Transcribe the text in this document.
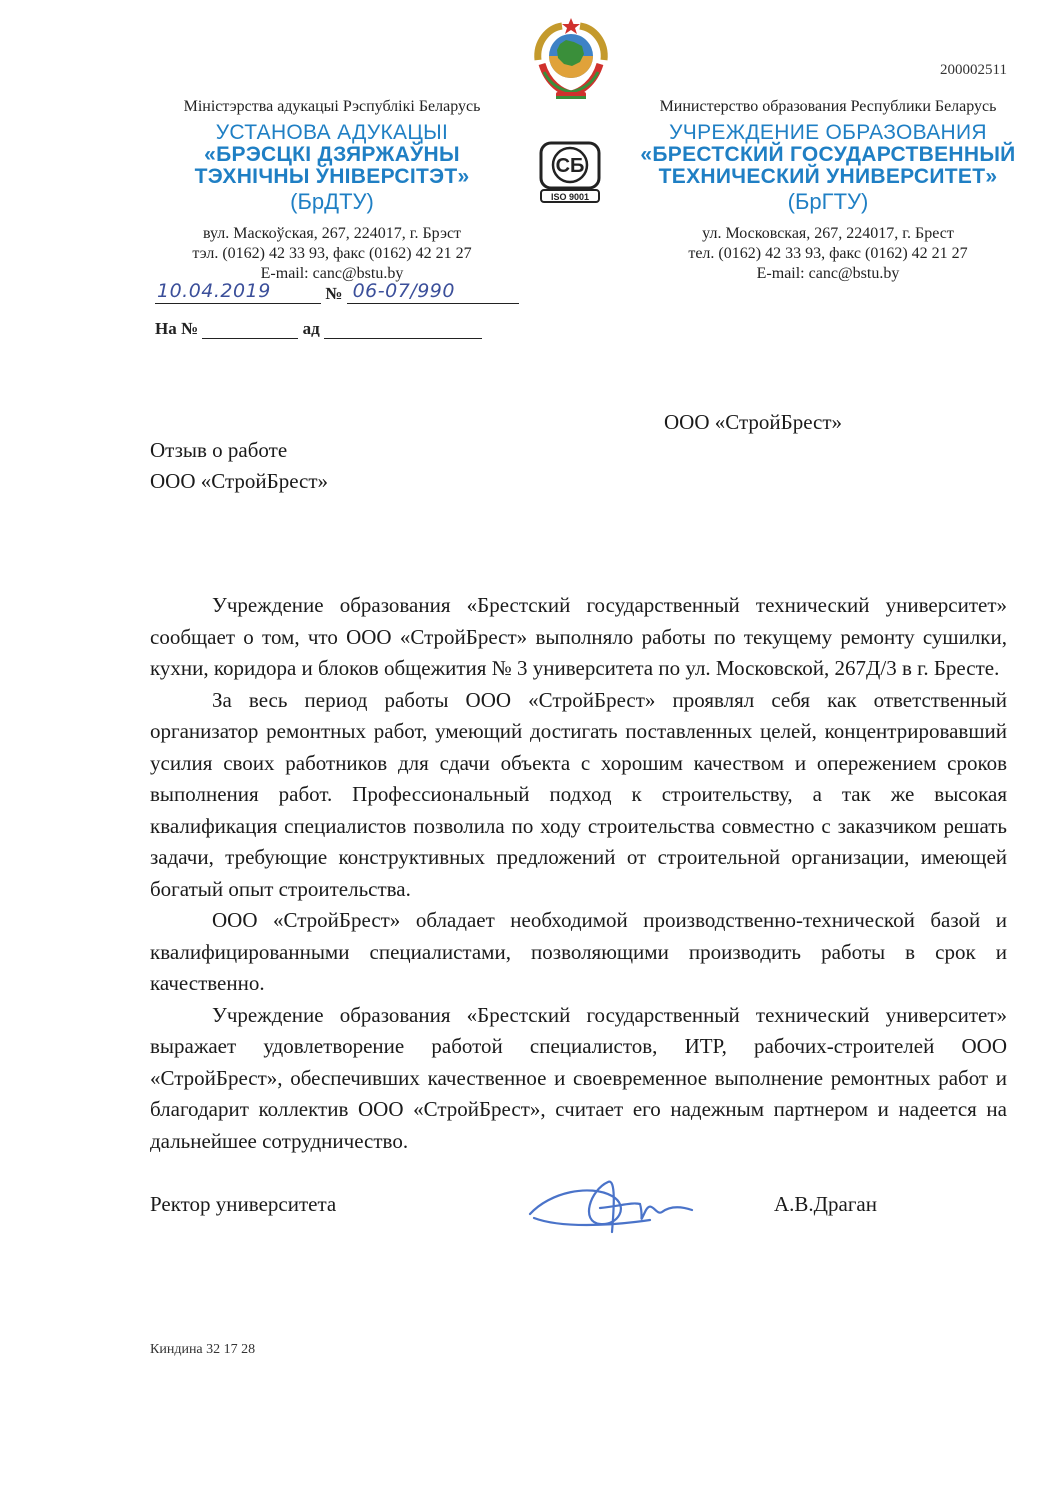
200002511
СБ
ISO 9001
Міністэрства адукацыі Рэспублікі Беларусь
УСТАНОВА АДУКАЦЫІ
«БРЭСЦКІ ДЗЯРЖАЎНЫ
ТЭХНІЧНЫ ЎНІВЕРСІТЭТ»
(БрДТУ)
вул. Маскоўская, 267, 224017, г. Брэст
тэл. (0162) 42 33 93, факс (0162) 42 21 27
E-mail: canc@bstu.by
Министерство образования Республики Беларусь
УЧРЕЖДЕНИЕ ОБРАЗОВАНИЯ
«БРЕСТСКИЙ ГОСУДАРСТВЕННЫЙ
ТЕХНИЧЕСКИЙ УНИВЕРСИТЕТ»
(БрГТУ)
ул. Московская, 267, 224017, г. Брест
тел. (0162) 42 33 93, факс (0162) 42 21 27
E-mail: canc@bstu.by
10.04.2019	№ 06-07/990
На №	ад
ООО «СтройБрест»
Отзыв о работе
ООО «СтройБрест»

Учреждение образования «Брестский государственный технический университет» сообщает о том, что ООО «СтройБрест» выполняло работы по текущему ремонту сушилки, кухни, коридора и блоков общежития № 3 университета по ул. Московской, 267Д/3 в г. Бресте.

За весь период работы ООО «СтройБрест» проявлял себя как ответственный организатор ремонтных работ, умеющий достигать поставленных целей, концентрировавший усилия своих работников для сдачи объекта с хорошим качеством и опережением сроков выполнения работ. Профессиональный подход к строительству, а так же высокая квалификация специалистов позволила по ходу строительства совместно с заказчиком решать задачи, требующие конструктивных предложений от строительной организации, имеющей богатый опыт строительства.

ООО «СтройБрест» обладает необходимой производственно-технической базой и квалифицированными специалистами, позволяющими производить работы в срок и качественно.

Учреждение образования «Брестский государственный технический университет» выражает удовлетворение работой специалистов, ИТР, рабочих-строителей ООО «СтройБрест», обеспечивших качественное и своевременное выполнение ремонтных работ и благодарит коллектив ООО «СтройБрест», считает его надежным партнером и надеется на дальнейшее сотрудничество.

Ректор университета	А.В.Драган
Киндина 32 17 28
